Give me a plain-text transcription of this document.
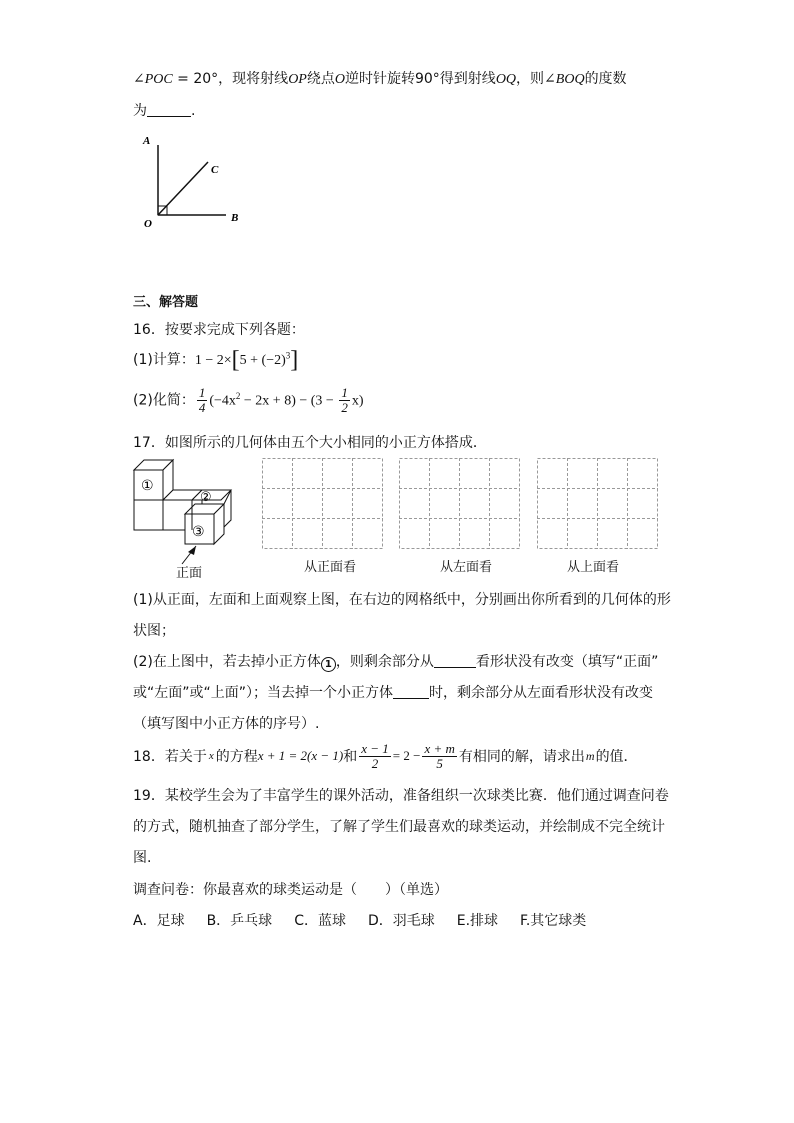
∠POC = 20°，现将射线OP绕点O逆时针旋转90°得到射线OQ，则∠BOQ的度数
为	.
A
C
O	B
三、解答题
16．按要求完成下列各题：
(1)计算：$1 - 2\times[5 + (-2)^3]$
(2)化简： $\frac{1}{4} (-4x^2 - 2x + 8) - (3 - \frac{1}{2} x)$
17．如图所示的几何体由五个大小相同的小正方体搭成．
①
②
③
正面	从正面看	从左面看	从上面看
(1)从正面，左面和上面观察上图，在右边的网格纸中，分别画出你所看到的几何体的形
状图；
(2)在上图中，若去掉小正方体 1 ，则剩余部分从	看形状没有改变（填写“正面”
或“左面”或“上面”）；当去掉一个小正方体	时，剩余部分从左面看形状没有改变
（填写图中小正方体的序号）.
18．若关于 x 的方程 x + 1 = 2(x − 1) 和 $\frac{x - 1}{2} = 2 - \frac{x + m}{5}$ 有相同的解，请求出 m 的值．
19．某校学生会为了丰富学生的课外活动，准备组织一次球类比赛．他们通过调查问卷
的方式，随机抽查了部分学生，了解了学生们最喜欢的球类运动，并绘制成不完全统计
图.
调查问卷：你最喜欢的球类运动是（　　）（单选）
A．足球 B．乒乓球 C．蓝球 D．羽毛球 E.排球 F.其它球类
